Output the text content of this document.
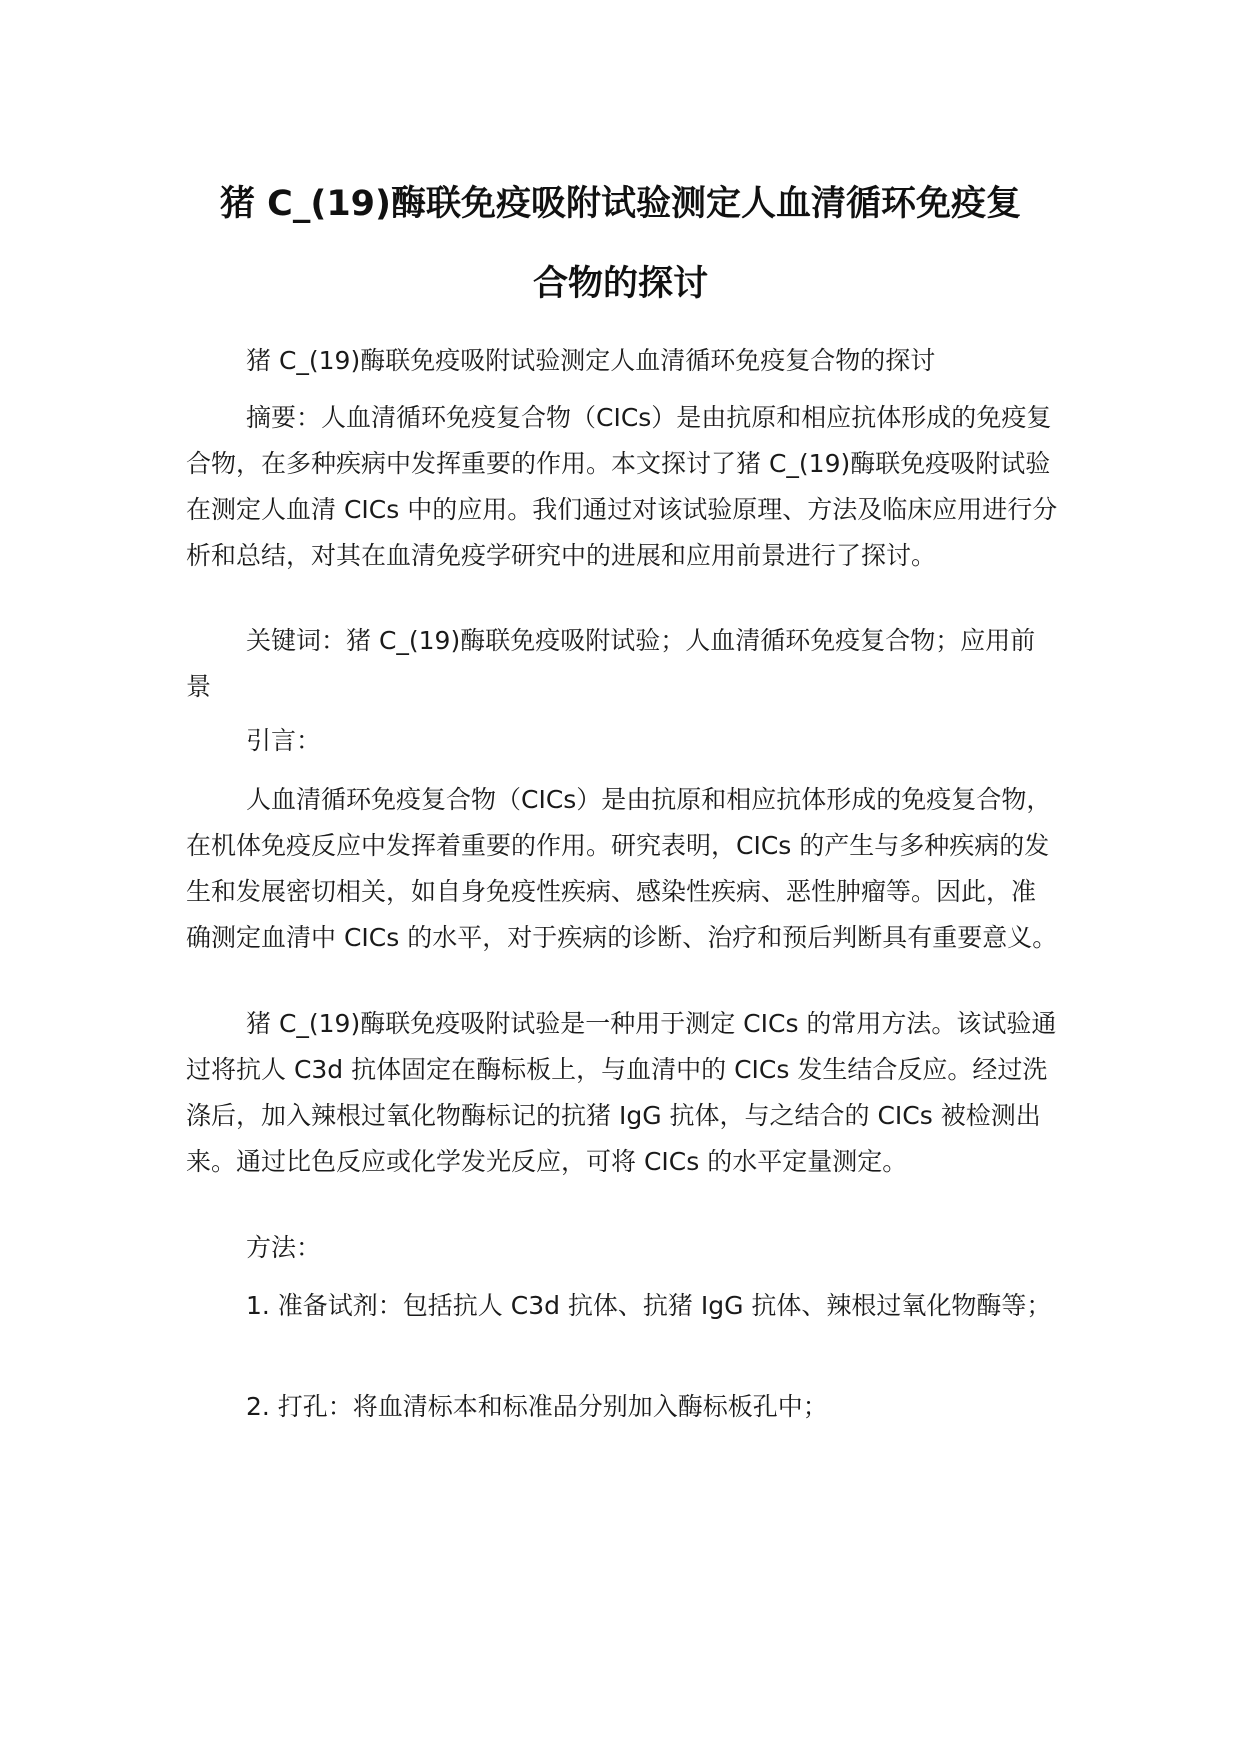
猪 C_(19)酶联免疫吸附试验测定人血清循环免疫复
合物的探讨

猪 C_(19)酶联免疫吸附试验测定人血清循环免疫复合物的探讨

摘要：人血清循环免疫复合物（CICs）是由抗原和相应抗体形成的免疫复合物，在多种疾病中发挥重要的作用。本文探讨了猪 C_(19)酶联免疫吸附试验在测定人血清 CICs 中的应用。我们通过对该试验原理、方法及临床应用进行分析和总结，对其在血清免疫学研究中的进展和应用前景进行了探讨。

关键词：猪 C_(19)酶联免疫吸附试验；人血清循环免疫复合物；应用前景

引言：

人血清循环免疫复合物（CICs）是由抗原和相应抗体形成的免疫复合物，在机体免疫反应中发挥着重要的作用。研究表明，CICs 的产生与多种疾病的发生和发展密切相关，如自身免疫性疾病、感染性疾病、恶性肿瘤等。因此，准确测定血清中 CICs 的水平，对于疾病的诊断、治疗和预后判断具有重要意义。

猪 C_(19)酶联免疫吸附试验是一种用于测定 CICs 的常用方法。该试验通过将抗人 C3d 抗体固定在酶标板上，与血清中的 CICs 发生结合反应。经过洗涤后，加入辣根过氧化物酶标记的抗猪 IgG 抗体，与之结合的 CICs 被检测出来。通过比色反应或化学发光反应，可将 CICs 的水平定量测定。

方法：

1. 准备试剂：包括抗人 C3d 抗体、抗猪 IgG 抗体、辣根过氧化物酶等；

2. 打孔：将血清标本和标准品分别加入酶标板孔中；
